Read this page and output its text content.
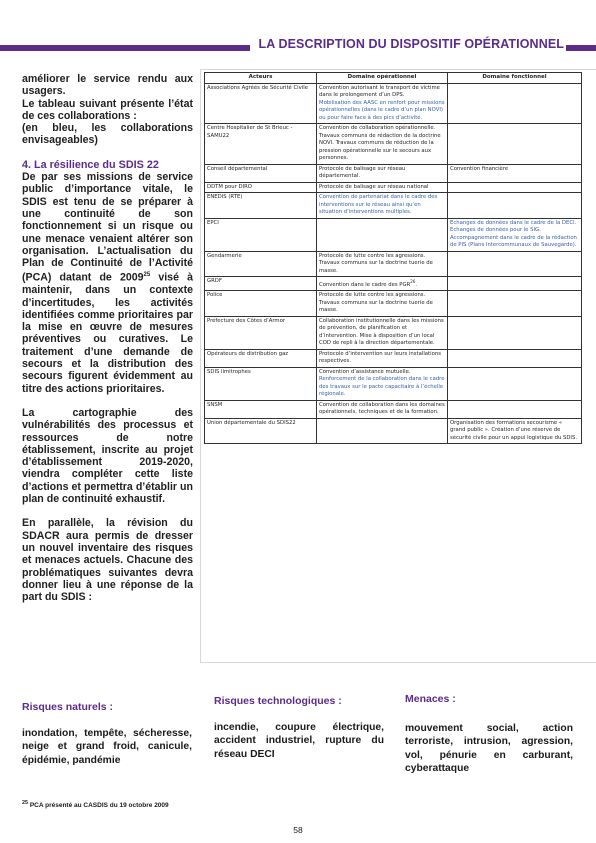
LA DESCRIPTION DU DISPOSITIF OPÉRATIONNEL

améliorer le service rendu aux usagers.

Le tableau suivant présente l’état de ces collaborations :

(en bleu, les collaborations envisageables)

4. La résilience du SDIS 22

De par ses missions de service public d’importance vitale, le SDIS est tenu de se préparer à une continuité de son fonctionnement si un risque ou une menace venaient altérer son organisation. L’actualisation du Plan de Continuité de l’Activité (PCA) datant de 2009$^{25}$ visé à maintenir, dans un contexte d’incertitudes, les activités identifiées comme prioritaires par la mise en œuvre de mesures préventives ou curatives. Le traitement d’une demande de secours et la distribution des secours figurent évidemment au titre des actions prioritaires.

La cartographie des vulnérabilités des processus et ressources de notre établissement, inscrite au projet d’établissement 2019-2020, viendra compléter cette liste d’actions et permettra d’établir un plan de continuité exhaustif.

En parallèle, la révision du SDACR aura permis de dresser un nouvel inventaire des risques et menaces actuels. Chacune des problématiques suivantes devra donner lieu à une réponse de la part du SDIS :

Acteurs	Domaine opérationnel	Domaine fonctionnel
Associations Agréés de Sécurité Civile	Convention autorisant le transport de victime dans le prolongement d’un DPS.
Mobilisation des AASC en renfort pour missions opérationnelles (dans le cadre d’un plan NOVI) ou pour faire face à des pics d’activité.	
Centre Hospitalier de St Brieuc - SAMU22	Convention de collaboration opérationnelle. Travaux communs de rédaction de la doctrine NOVI. Travaux communs de réduction de la pression opérationnelle sur le secours aux personnes.	
Conseil départemental	Protocole de balisage sur réseau départemental.	Convention financière
DDTM pour DIRO	Protocole de balisage sur réseau national	
ENEDIS (RTE)	Convention de partenariat dans le cadre des interventions sur le réseau ainsi qu’en situation d’interventions multiples.	
EPCI		Echanges de données dans le cadre de la DECI. Echanges de données pour le SIG. Accompagnement dans le cadre de la rédaction de PIS (Plans Intercommunaux de Sauvegarde).
Gendarmerie	Protocole de lutte contre les agressions. Travaux communs sur la doctrine tuerie de masse.	
GRDF	Convention dans le cadre des PGR$^{26}$.	
Police	Protocole de lutte contre les agressions. Travaux communs sur la doctrine tuerie de masse.	
Préfecture des Côtes d’Armor	Collaboration institutionnelle dans les missions de prévention, de planification et d’intervention. Mise à disposition d’un local COD de repli à la direction départementale.	
Opérateurs de distribution gaz	Protocole d’intervention sur leurs installations respectives.	
SDIS limitrophes	Convention d’assistance mutuelle.
Renforcement de la collaboration dans le cadre des travaux sur le pacte capacitaire à l’échelle régionale.	
SNSM	Convention de collaboration dans les domaines opérationnels, techniques et de la formation.	
Union départementale du SDIS22		Organisation des formations secourisme « grand public ». Création d’une réserve de sécurité civile pour un appui logistique du SDIS.
Risques naturels :
inondation, tempête, sécheresse, neige et grand froid, canicule, épidémie, pandémie
Risques technologiques :
incendie, coupure électrique, accident industriel, rupture du réseau DECI
Menaces :
mouvement social, action terroriste, intrusion, agression, vol, pénurie en carburant, cyberattaque
$^{25}$ PCA présenté au CASDIS du 19 octobre 2009
58
